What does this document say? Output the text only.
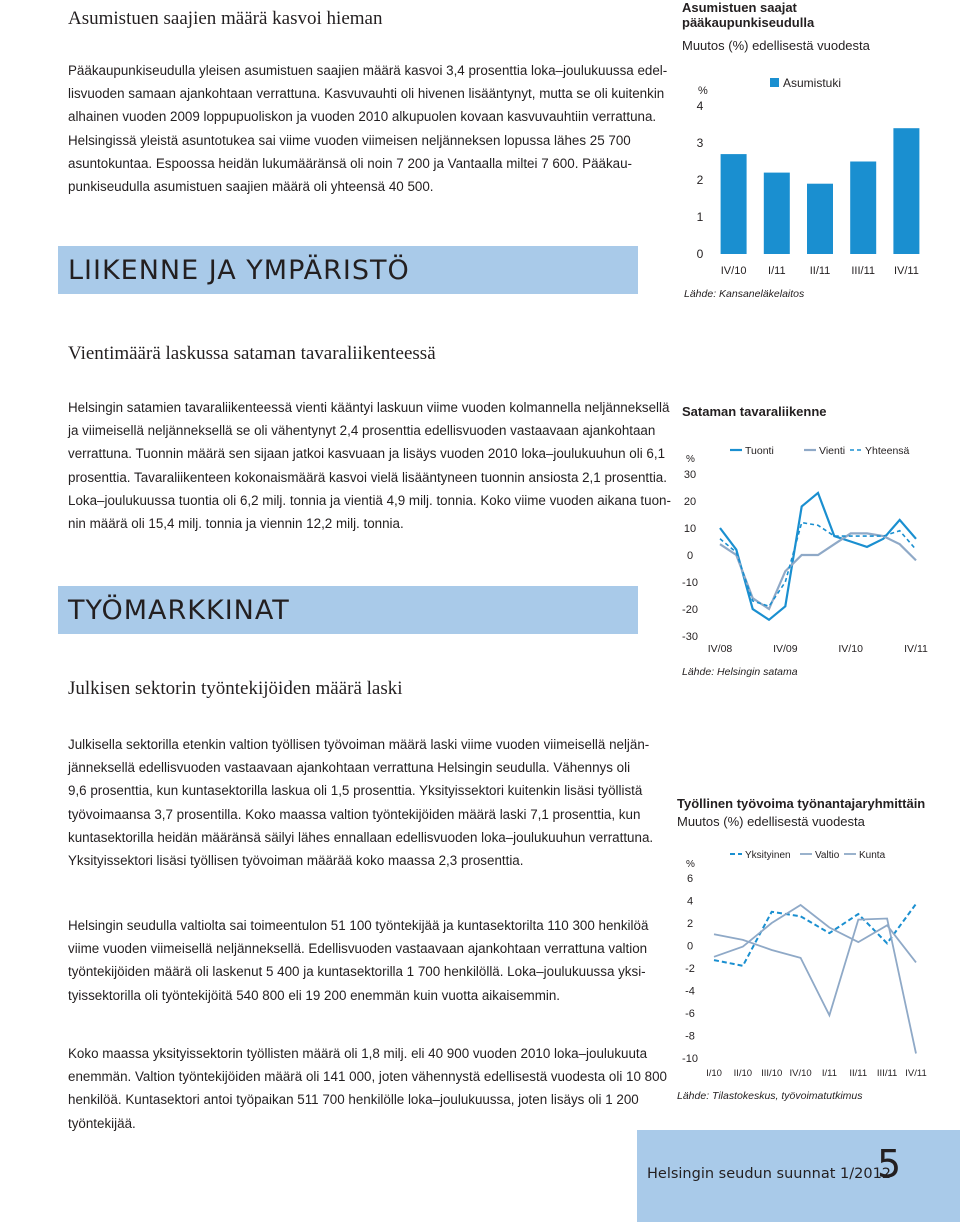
Asumistuen saajien määrä kasvoi hieman
Pääkaupunkiseudulla yleisen asumistuen saajien määrä kasvoi 3,4 prosenttia loka–joulukuussa edel-
lisvuoden samaan ajankohtaan verrattuna. Kasvuvauhti oli hivenen lisääntynyt, mutta se oli kuitenkin
alhainen vuoden 2009 loppupuoliskon ja vuoden 2010 alkupuolen kovaan kasvuvauhtiin verrattuna.
Helsingissä yleistä asuntotukea sai viime vuoden viimeisen neljänneksen lopussa lähes 25 700
asuntokuntaa. Espoossa heidän lukumääränsä oli noin 7 200 ja Vantaalla miltei 7 600. Pääkau-
punkiseudulla asumistuen saajien määrä oli yhteensä 40 500.
LIIKENNE JA YMPÄRISTÖ
Vientimäärä laskussa sataman tavaraliikenteessä
Helsingin satamien tavaraliikenteessä vienti kääntyi laskuun viime vuoden kolmannella neljänneksellä
ja viimeisellä neljänneksellä se oli vähentynyt 2,4 prosenttia edellisvuoden vastaavaan ajankohtaan
verrattuna. Tuonnin määrä sen sijaan jatkoi kasvuaan ja lisäys vuoden 2010 loka–joulukuuhun oli 6,1
prosenttia. Tavaraliikenteen kokonaismäärä kasvoi vielä lisääntyneen tuonnin ansiosta 2,1 prosenttia.
Loka–joulukuussa tuontia oli 6,2 milj. tonnia ja vientiä 4,9 milj. tonnia. Koko viime vuoden aikana tuon-
nin määrä oli 15,4 milj. tonnia ja viennin 12,2 milj. tonnia.
TYÖMARKKINAT
Julkisen sektorin työntekijöiden määrä laski
Julkisella sektorilla etenkin valtion työllisen työvoiman määrä laski viime vuoden viimeisellä neljän-
jänneksellä edellisvuoden vastaavaan ajankohtaan verrattuna Helsingin seudulla. Vähennys oli
9,6 prosenttia, kun kuntasektorilla laskua oli 1,5 prosenttia. Yksityissektori kuitenkin lisäsi työllistä
työvoimaansa 3,7 prosentilla. Koko maassa valtion työntekijöiden määrä laski 7,1 prosenttia, kun
kuntasektorilla heidän määränsä säilyi lähes ennallaan edellisvuoden loka–joulukuuhun verrattuna.
Yksityissektori lisäsi työllisen työvoiman määrää koko maassa 2,3 prosenttia.
Helsingin seudulla valtiolta sai toimeentulon 51 100 työntekijää ja kuntasektorilta 110 300 henkilöä
viime vuoden viimeisellä neljänneksellä. Edellisvuoden vastaavaan ajankohtaan verrattuna valtion
työntekijöiden määrä oli laskenut 5 400 ja kuntasektorilla 1 700 henkilöllä. Loka–joulukuussa yksi-
tyissektorilla oli työntekijöitä 540 800 eli 19 200 enemmän kuin vuotta aikaisemmin.
Koko maassa yksityissektorin työllisten määrä oli 1,8 milj. eli 40 900 vuoden 2010 loka–joulukuuta
enemmän. Valtion työntekijöiden määrä oli 141 000, joten vähennystä edellisestä vuodesta oli 10 800
henkilöä. Kuntasektori antoi työpaikan 511 700 henkilölle loka–joulukuussa, joten lisäys oli 1 200
työntekijää.
Asumistuen saajat
pääkaupunkiseudulla
Muutos (%) edellisestä vuodesta
%
0
1
2
3
4
IV/10 I/11 II/11 III/11 IV/11
Asumistuki
Lähde: Kansaneläkelaitos
Sataman tavaraliikenne
%
30
20
10
0
-10
-20
-30
IV/08	IV/09	IV/10	IV/11
Tuonti	Vienti Yhteensä
Lähde: Helsingin satama
Työllinen työvoima työnantajaryhmittäin
Muutos (%) edellisestä vuodesta
%
6
4
2
0
-2
-4
-6
-8
-10
I/10 II/10 III/10 IV/10 I/11 II/11 III/11 IV/11
Yksityinen Valtio Kunta
Lähde: Tilastokeskus, työvoimatutkimus
Helsingin seudun suunnat 1/2012
5
